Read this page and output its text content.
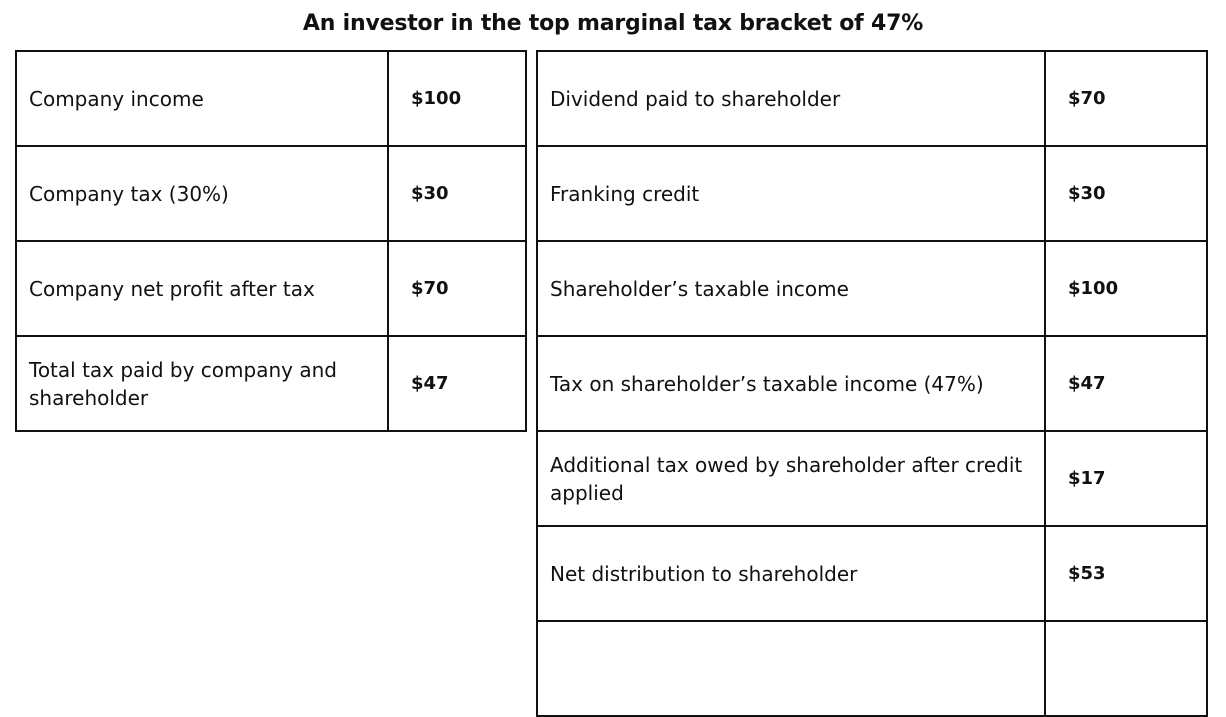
An investor in the top marginal tax bracket of 47%
Company income	$100
Company tax (30%)	$30
Company net profit after tax	$70
Total tax paid by company and shareholder	$47
Dividend paid to shareholder	$70
Franking credit	$30
Shareholder’s taxable income	$100
Tax on shareholder’s taxable income (47%)	$47
Additional tax owed by shareholder after credit applied	$17
Net distribution to shareholder	$53
